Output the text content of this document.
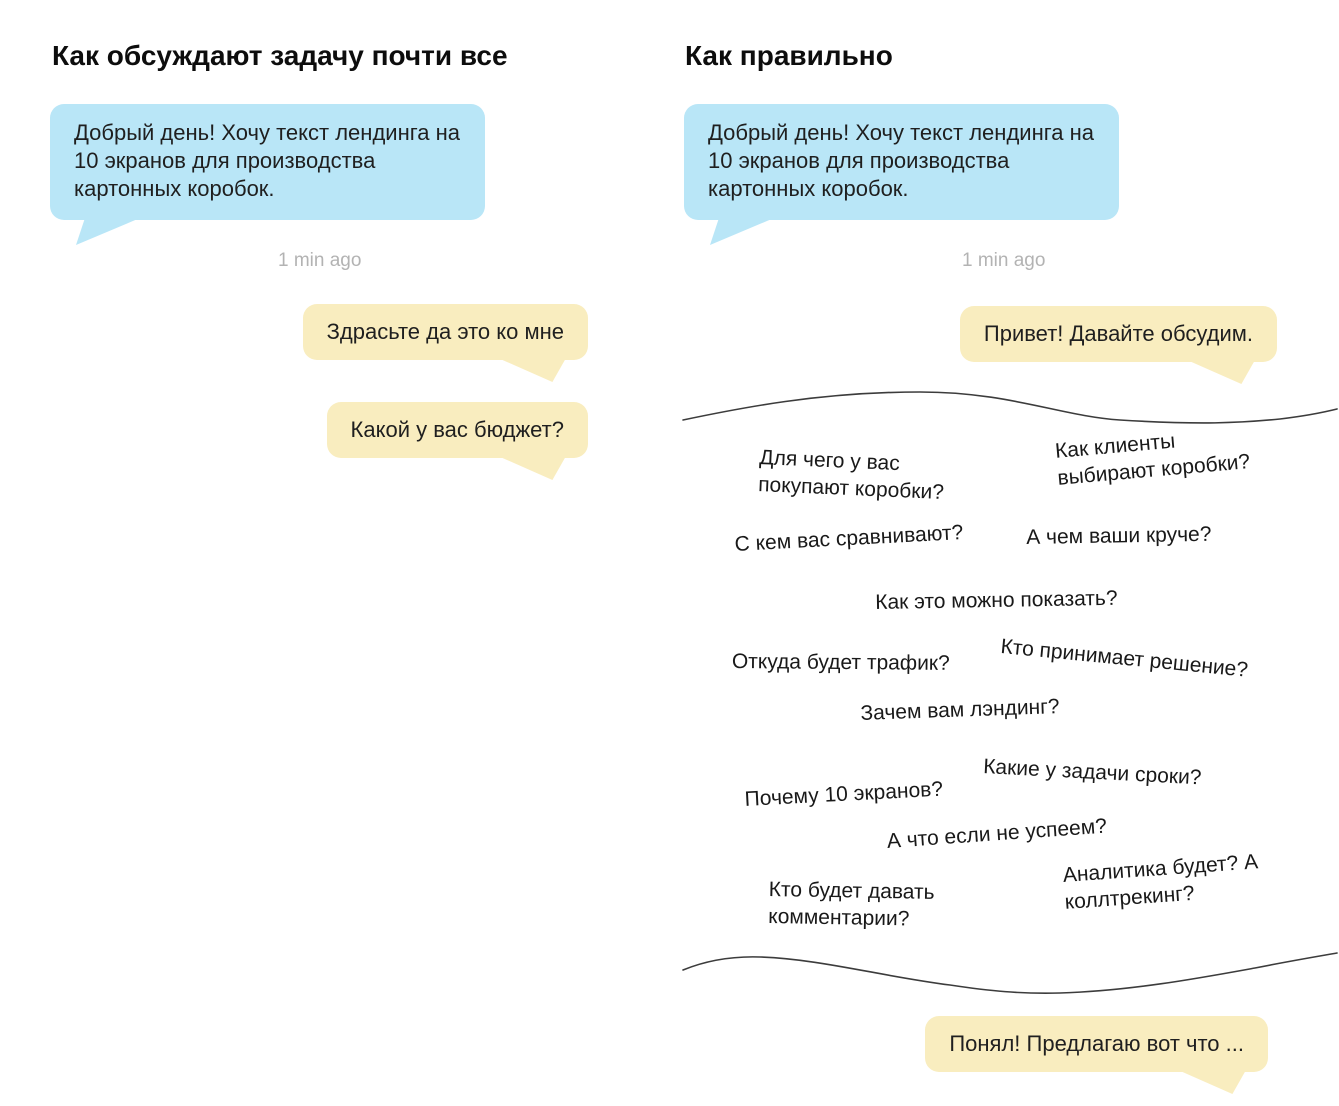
Как обсуждают задачу почти все
Добрый день! Хочу текст лендинга на 10 экранов для производства картонных коробок.
1 min ago
Здрасьте да это ко мне
Какой у вас бюджет?
Как правильно
Добрый день! Хочу текст лендинга на 10 экранов для производства картонных коробок.
1 min ago
Привет! Давайте обсудим.
Для чего у вас покупают коробки?
Как клиенты выбирают коробки?
С кем вас сравнивают?	А чем ваши круче?
Как это можно показать?
Откуда будет трафик? Кто принимает решение?
Зачем вам лэндинг?
Какие у задачи сроки?
Почему 10 экранов?
А что если не успеем?
Кто будет давать комментарии?
Аналитика будет? А коллтрекинг?
Понял! Предлагаю вот что ...
